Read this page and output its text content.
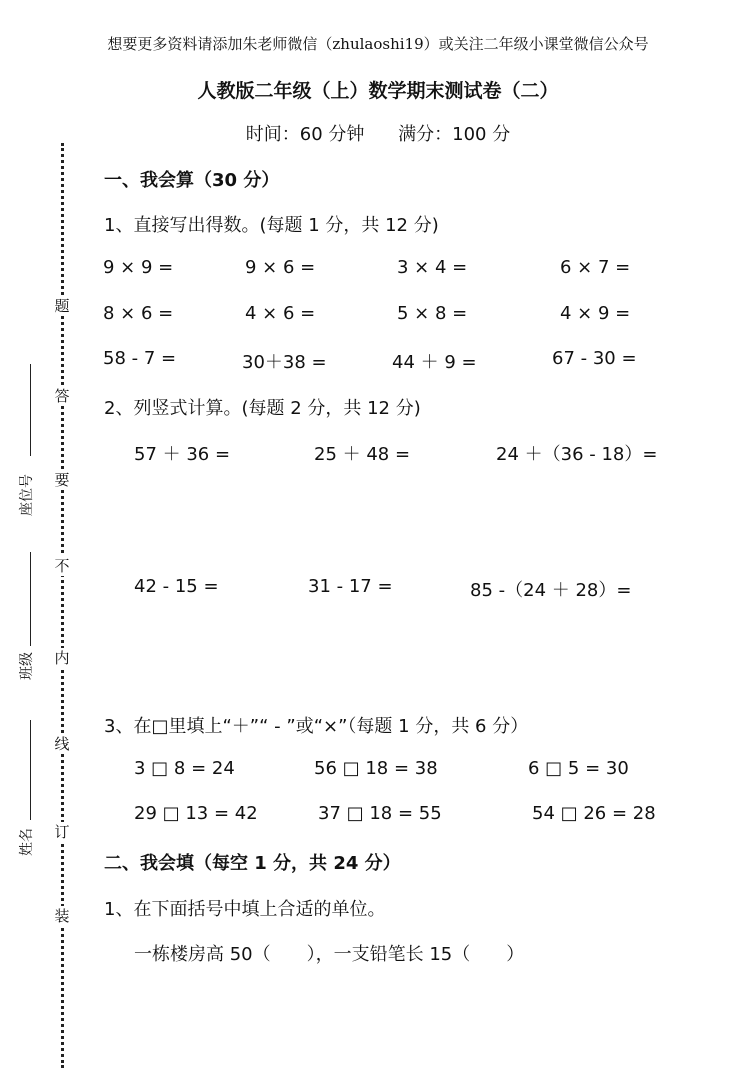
想要更多资料请添加朱老师微信（zhulaoshi19）或关注二年级小课堂微信公众号
人教版二年级（上）数学期末测试卷（二）
时间：60 分钟 满分：100 分
题
答
要
不
内
线
订
装
座位号
班级
姓名
一、我会算（30 分）
1、直接写出得数。(每题 1 分，共 12 分)
9 × 9 =	9 × 6 =	3 × 4 =	6 × 7 =
8 × 6 =	4 × 6 =	5 × 8 =	4 × 9 =
58 - 7 =	30＋38 =	44 ＋ 9 =	67 - 30 =
2、列竖式计算。(每题 2 分，共 12 分)
57 ＋ 36 =	25 ＋ 48 =	24 ＋（36 - 18）=
42 - 15 =	31 - 17 =	85 -（24 ＋ 28）=
3、在□里填上“＋”“ - ”或“×”（每题 1 分，共 6 分）
3 □ 8 = 24	56 □ 18 = 38	6 □ 5 = 30
29 □ 13 = 42	37 □ 18 = 55	54 □ 26 = 28
二、我会填（每空 1 分，共 24 分）
1、在下面括号中填上合适的单位。
一栋楼房高 50（　　），一支铅笔长 15（　　）
